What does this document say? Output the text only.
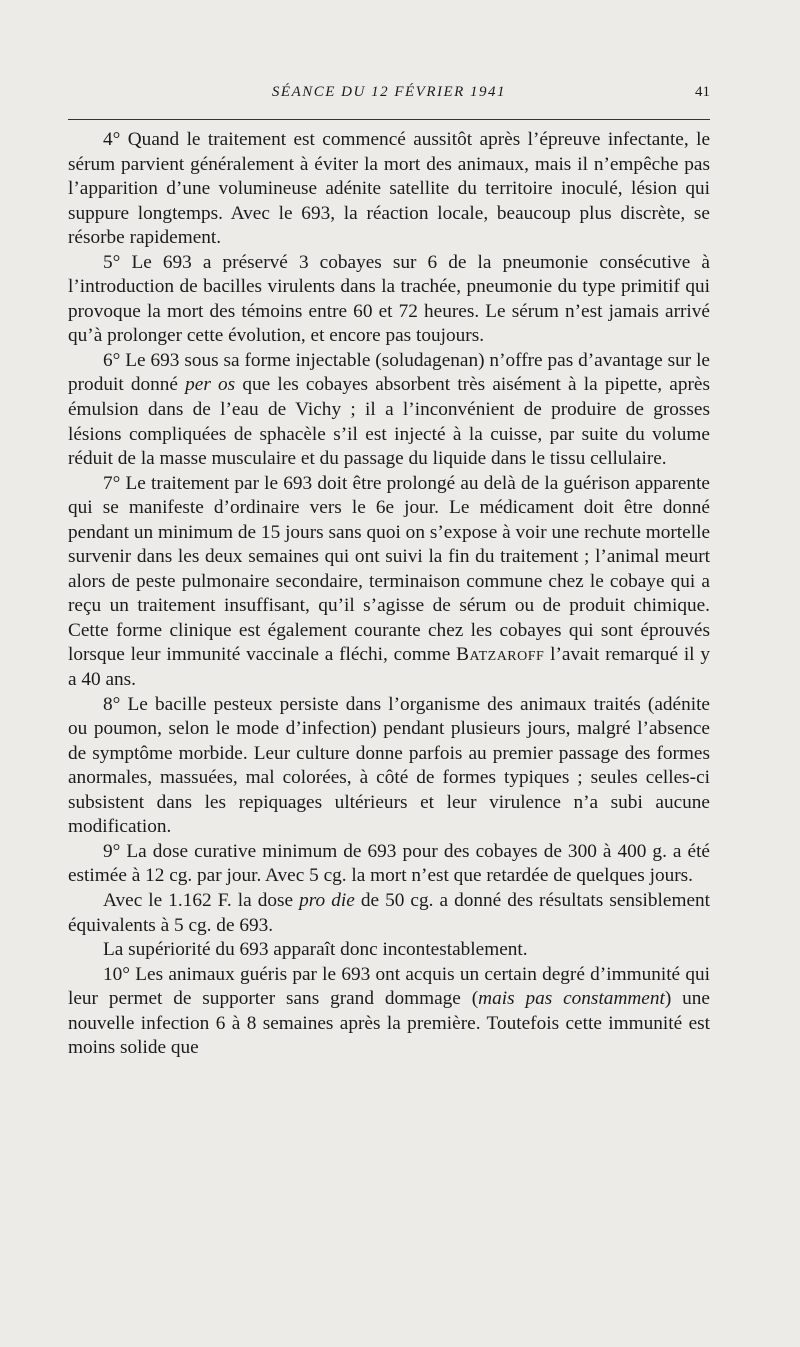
SÉANCE DU 12 FÉVRIER 1941	41

4° Quand le traitement est commencé aussitôt après l’épreuve infectante, le sérum parvient généralement à éviter la mort des animaux, mais il n’empêche pas l’apparition d’une volumineuse adénite satellite du territoire inoculé, lésion qui suppure longtemps. Avec le 693, la réaction locale, beaucoup plus discrète, se résorbe rapidement.

5° Le 693 a préservé 3 cobayes sur 6 de la pneumonie consécutive à l’introduction de bacilles virulents dans la trachée, pneumonie du type primitif qui provoque la mort des témoins entre 60 et 72 heures. Le sérum n’est jamais arrivé qu’à prolonger cette évolution, et encore pas toujours.

6° Le 693 sous sa forme injectable (soludagenan) n’offre pas d’avantage sur le produit donné per os que les cobayes absorbent très aisément à la pipette, après émulsion dans de l’eau de Vichy ; il a l’inconvénient de produire de grosses lésions compliquées de sphacèle s’il est injecté à la cuisse, par suite du volume réduit de la masse musculaire et du passage du liquide dans le tissu cellulaire.

7° Le traitement par le 693 doit être prolongé au delà de la guérison apparente qui se manifeste d’ordinaire vers le 6e jour. Le médicament doit être donné pendant un minimum de 15 jours sans quoi on s’expose à voir une rechute mortelle survenir dans les deux semaines qui ont suivi la fin du traitement ; l’animal meurt alors de peste pulmonaire secondaire, terminaison commune chez le cobaye qui a reçu un traitement insuffisant, qu’il s’agisse de sérum ou de produit chimique. Cette forme clinique est également courante chez les cobayes qui sont éprouvés lorsque leur immunité vaccinale a fléchi, comme Batzaroff l’avait remarqué il y a 40 ans.

8° Le bacille pesteux persiste dans l’organisme des animaux traités (adénite ou poumon, selon le mode d’infection) pendant plusieurs jours, malgré l’absence de symptôme morbide. Leur culture donne parfois au premier passage des formes anormales, massuées, mal colorées, à côté de formes typiques ; seules celles-ci subsistent dans les repiquages ultérieurs et leur virulence n’a subi aucune modification.

9° La dose curative minimum de 693 pour des cobayes de 300 à 400 g. a été estimée à 12 cg. par jour. Avec 5 cg. la mort n’est que retardée de quelques jours.

Avec le 1.162 F. la dose pro die de 50 cg. a donné des résultats sensiblement équivalents à 5 cg. de 693.

La supériorité du 693 apparaît donc incontestablement.

10° Les animaux guéris par le 693 ont acquis un certain degré d’immunité qui leur permet de supporter sans grand dommage (mais pas constamment) une nouvelle infection 6 à 8 semaines après la première. Toutefois cette immunité est moins solide que
